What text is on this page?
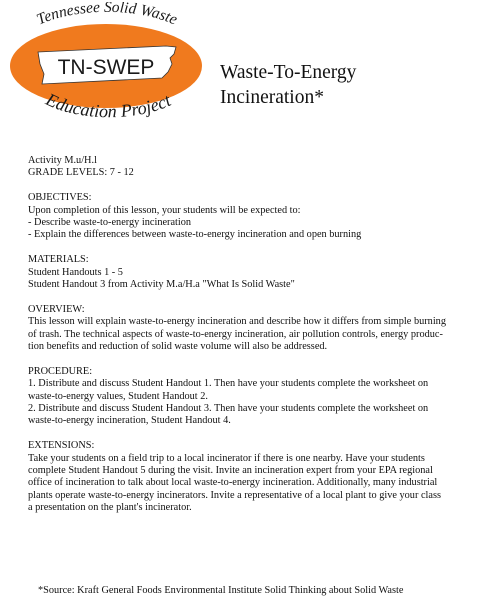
TN-SWEP
Tennessee Solid Waste
Education Project
Waste-To-Energy
Incineration*
Activity M.u/H.l
GRADE LEVELS: 7 - 12
OBJECTIVES:
Upon completion of this lesson, your students will be expected to:
- Describe waste-to-energy incineration
- Explain the differences between waste-to-energy incineration and open burning
MATERIALS:
Student Handouts 1 - 5
Student Handout 3 from Activity M.a/H.a "What Is Solid Waste"
OVERVIEW:
This lesson will explain waste-to-energy incineration and describe how it differs from simple burning
of trash. The technical aspects of waste-to-energy incineration, air pollution controls, energy produc-
tion benefits and reduction of solid waste volume will also be addressed.
PROCEDURE:
1. Distribute and discuss Student Handout 1. Then have your students complete the worksheet on
waste-to-energy values, Student Handout 2.
2. Distribute and discuss Student Handout 3. Then have your students complete the worksheet on
waste-to-energy incineration, Student Handout 4.
EXTENSIONS:
Take your students on a field trip to a local incinerator if there is one nearby. Have your students
complete Student Handout 5 during the visit. Invite an incineration expert from your EPA regional
office of incineration to talk about local waste-to-energy incineration. Additionally, many industrial
plants operate waste-to-energy incinerators. Invite a representative of a local plant to give your class
a presentation on the plant's incinerator.
*Source: Kraft General Foods Environmental Institute Solid Thinking about Solid Waste
